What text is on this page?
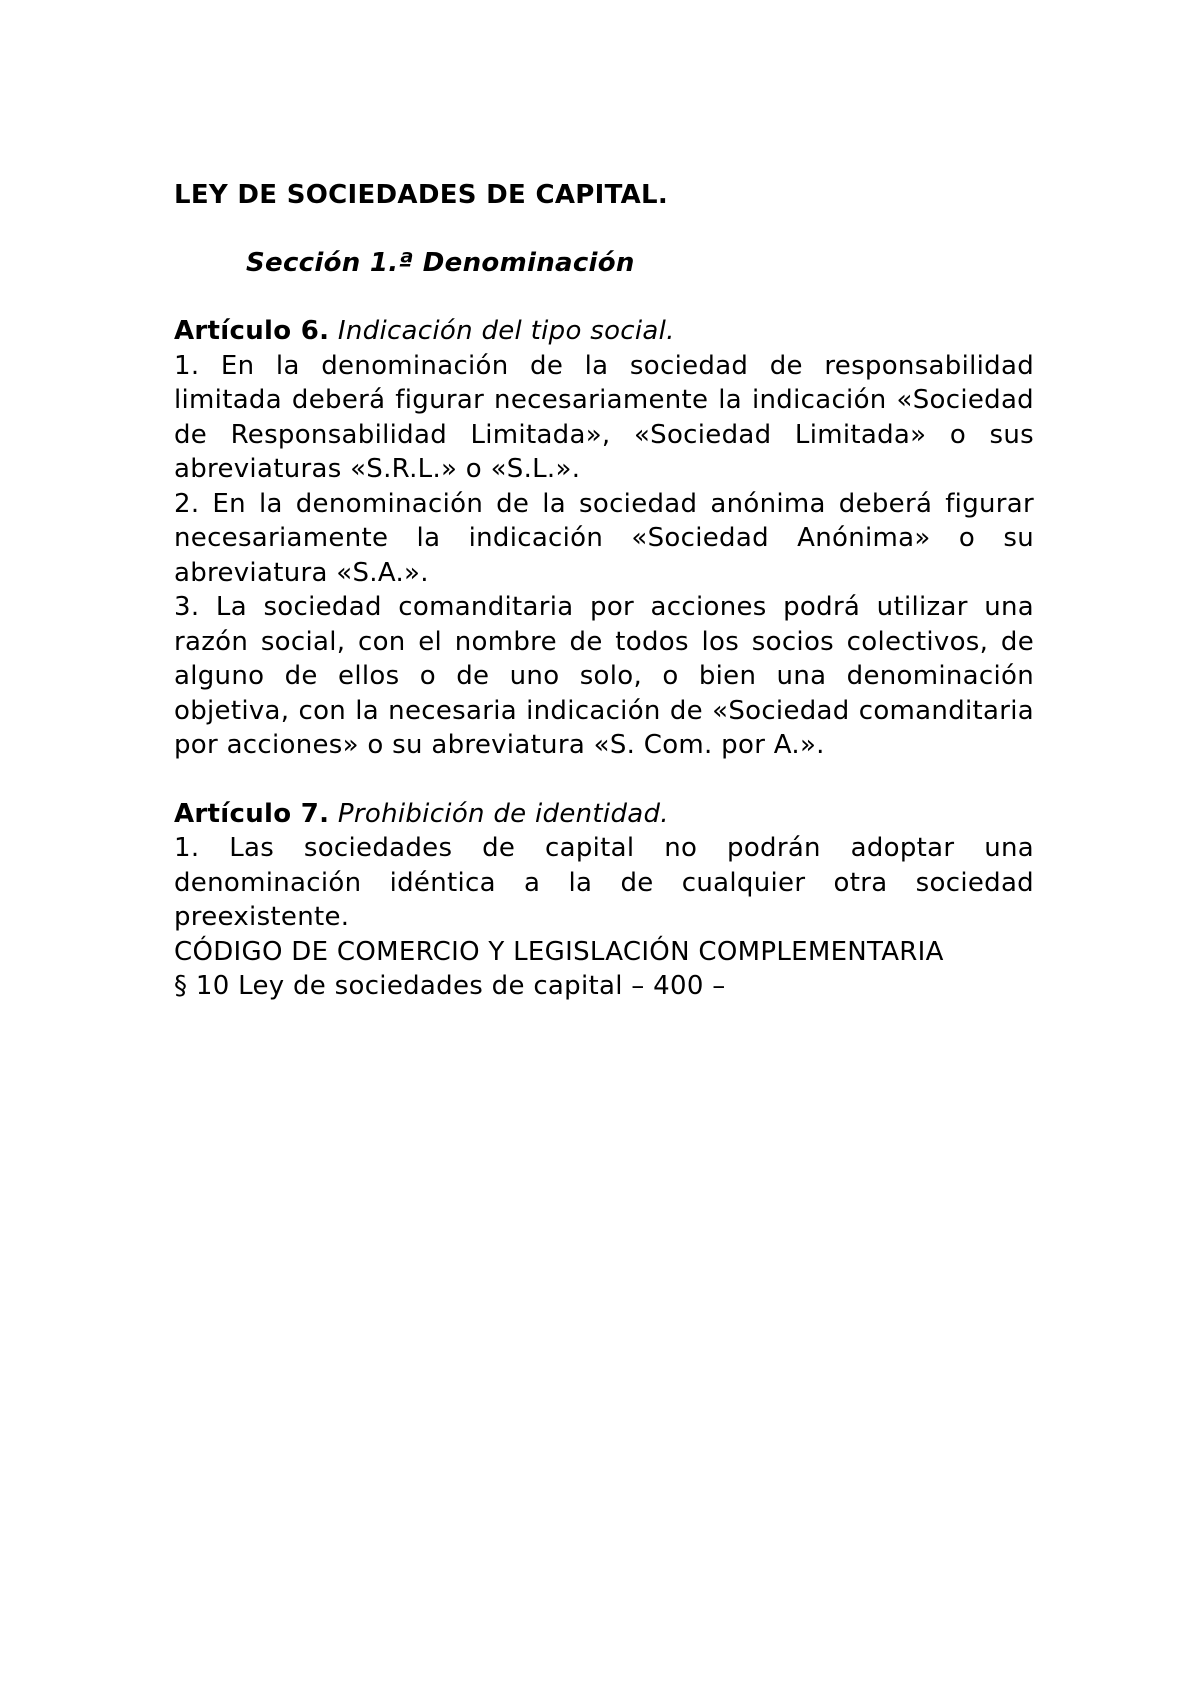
LEY DE SOCIEDADES DE CAPITAL.

Sección 1.ª Denominación

Artículo 6. Indicación del tipo social.

1. En la denominación de la sociedad de responsabilidad limitada deberá figurar necesariamente la indicación «Sociedad de Responsabilidad Limitada», «Sociedad Limitada» o sus abreviaturas «S.R.L.» o «S.L.».

2. En la denominación de la sociedad anónima deberá figurar necesariamente la indicación «Sociedad Anónima» o su abreviatura «S.A.».

3. La sociedad comanditaria por acciones podrá utilizar una razón social, con el nombre de todos los socios colectivos, de alguno de ellos o de uno solo, o bien una denominación objetiva, con la necesaria indicación de «Sociedad comanditaria por acciones» o su abreviatura «S. Com. por A.».

Artículo 7. Prohibición de identidad.

1. Las sociedades de capital no podrán adoptar una denominación idéntica a la de cualquier otra sociedad preexistente.

CÓDIGO DE COMERCIO Y LEGISLACIÓN COMPLEMENTARIA

§ 10 Ley de sociedades de capital – 400 –
